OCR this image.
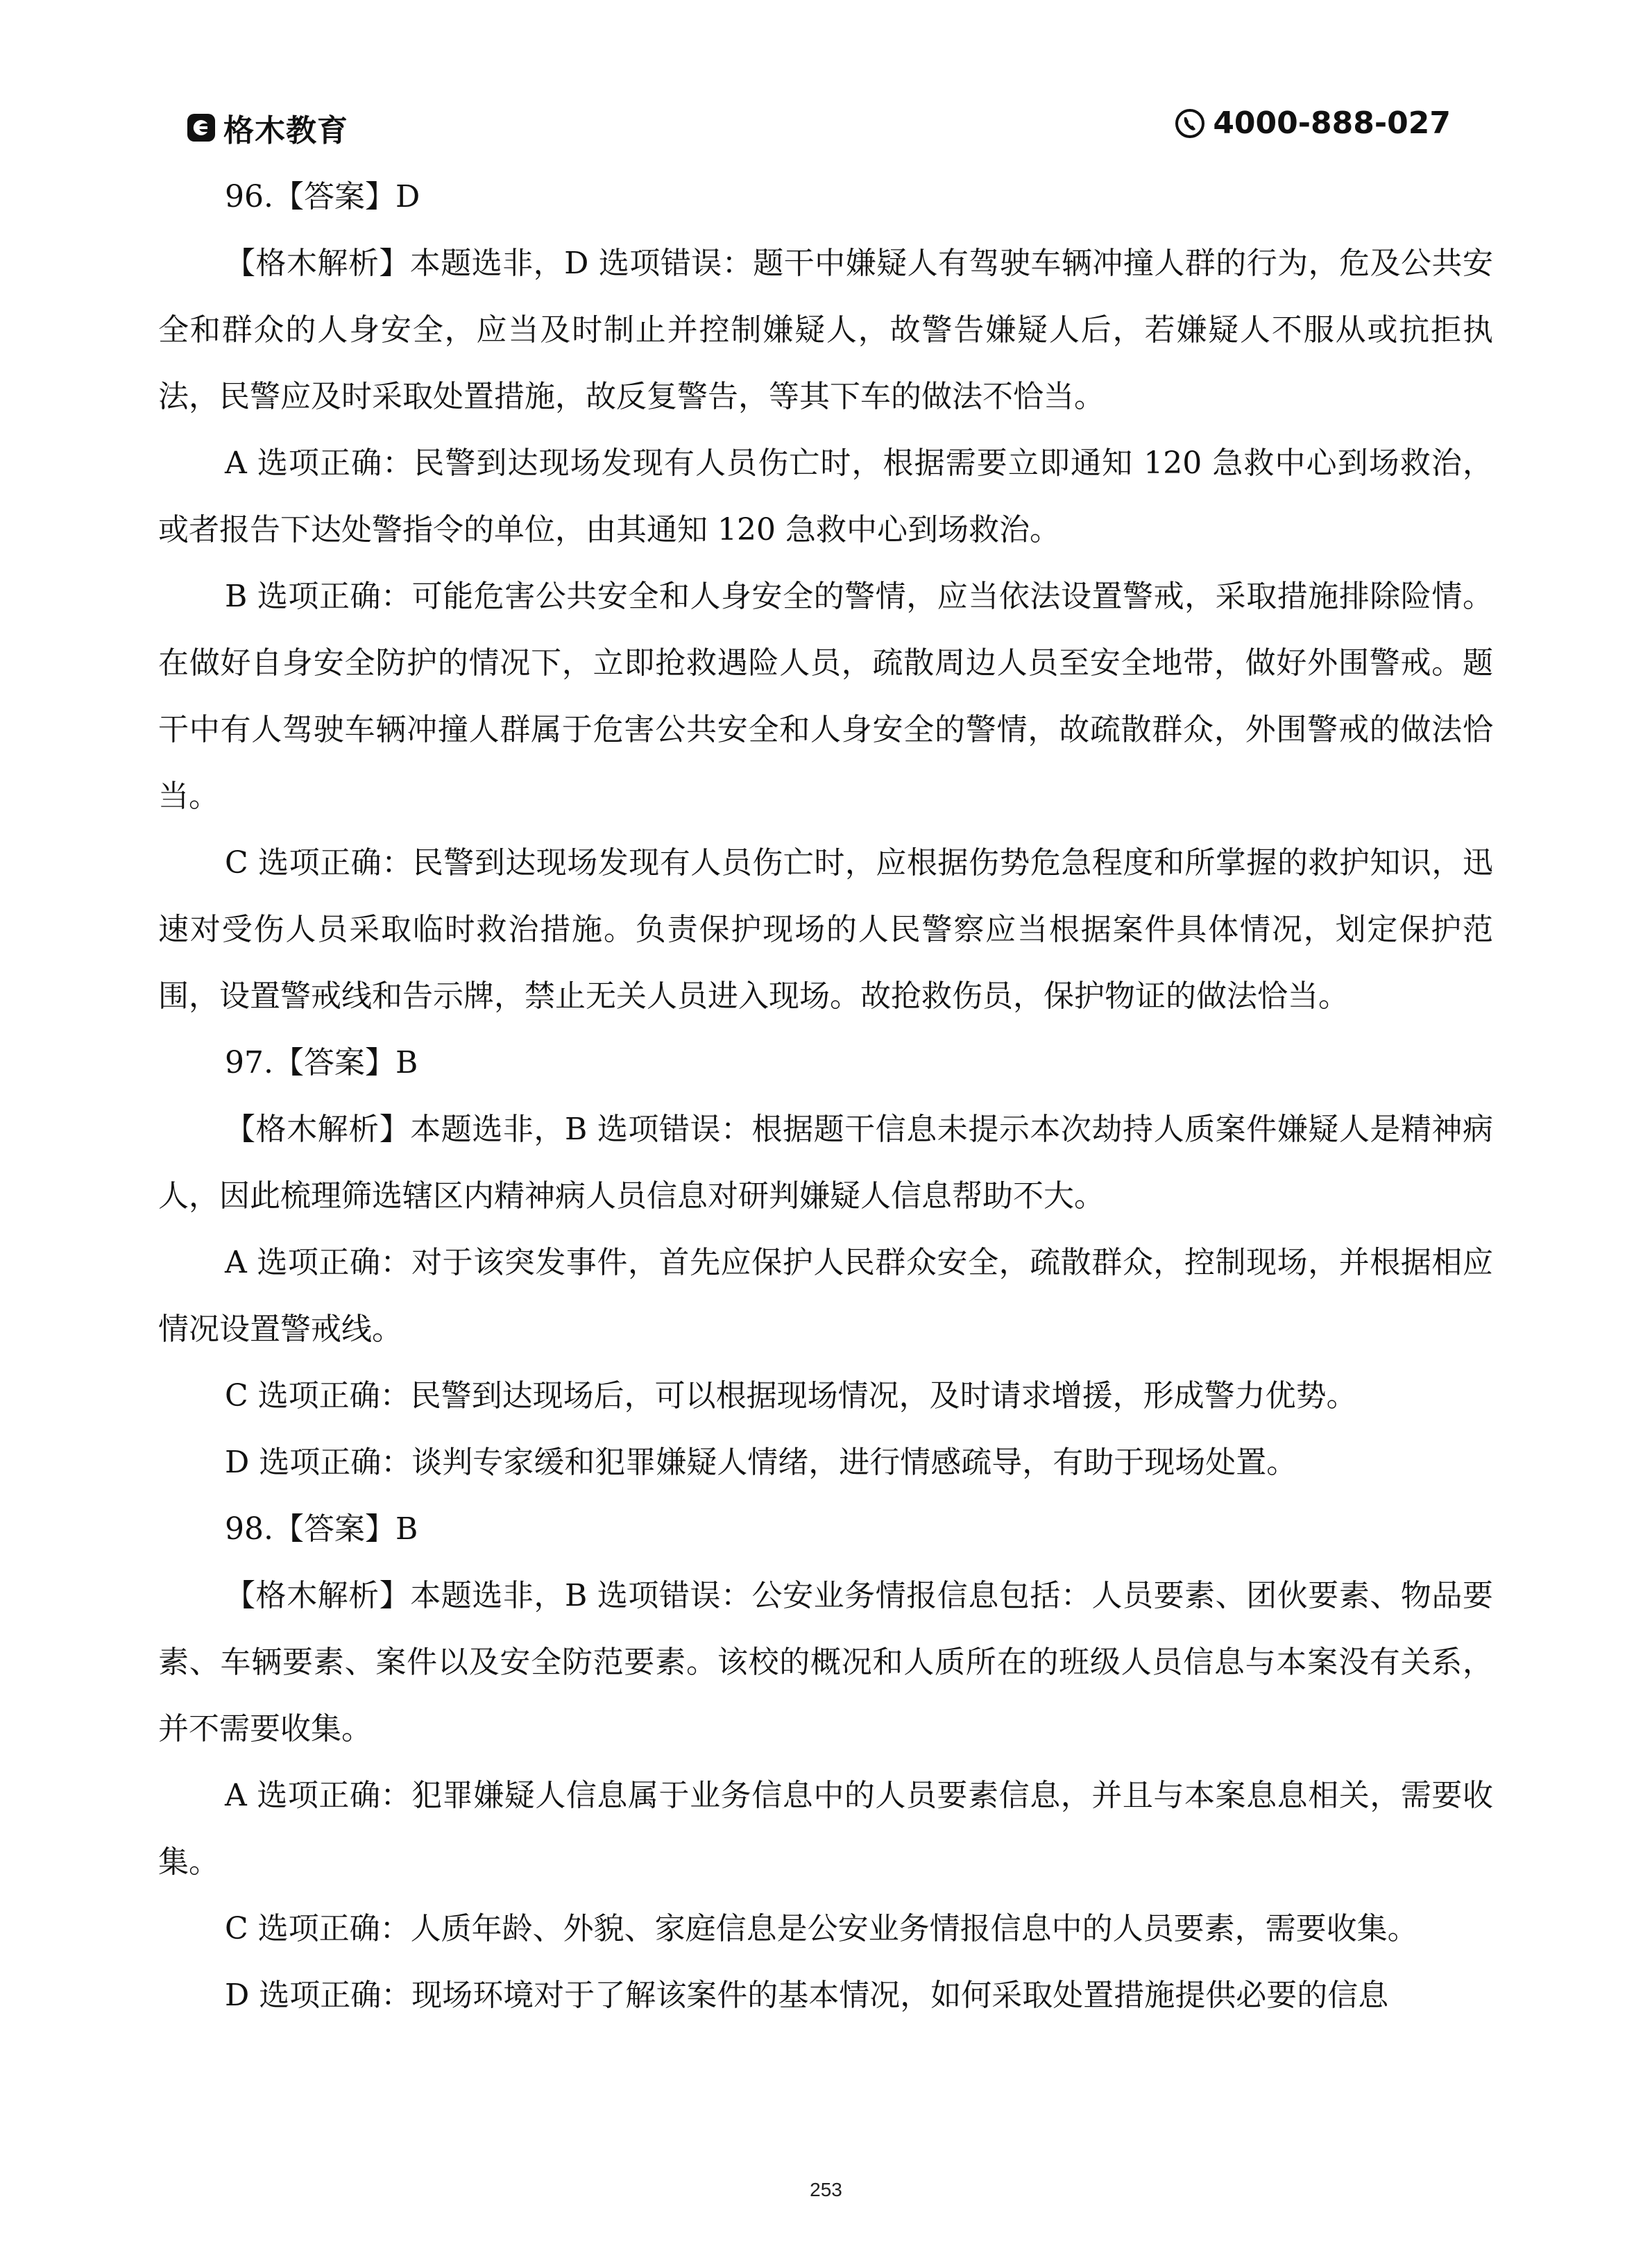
格木教育	4000-888-027

96.【答案】D

【格木解析】本题选非，D 选项错误：题干中嫌疑人有驾驶车辆冲撞人群的行为，危及公共安全和群众的人身安全，应当及时制止并控制嫌疑人，故警告嫌疑人后，若嫌疑人不服从或抗拒执法，民警应及时采取处置措施，故反复警告，等其下车的做法不恰当。

A 选项正确：民警到达现场发现有人员伤亡时，根据需要立即通知 120 急救中心到场救治，或者报告下达处警指令的单位，由其通知 120 急救中心到场救治。

B 选项正确：可能危害公共安全和人身安全的警情，应当依法设置警戒，采取措施排除险情。在做好自身安全防护的情况下，立即抢救遇险人员，疏散周边人员至安全地带，做好外围警戒。题干中有人驾驶车辆冲撞人群属于危害公共安全和人身安全的警情，故疏散群众，外围警戒的做法恰当。

C 选项正确：民警到达现场发现有人员伤亡时，应根据伤势危急程度和所掌握的救护知识，迅速对受伤人员采取临时救治措施。负责保护现场的人民警察应当根据案件具体情况，划定保护范围，设置警戒线和告示牌，禁止无关人员进入现场。故抢救伤员，保护物证的做法恰当。

97.【答案】B

【格木解析】本题选非，B 选项错误：根据题干信息未提示本次劫持人质案件嫌疑人是精神病人，因此梳理筛选辖区内精神病人员信息对研判嫌疑人信息帮助不大。

A 选项正确：对于该突发事件，首先应保护人民群众安全，疏散群众，控制现场，并根据相应情况设置警戒线。

C 选项正确：民警到达现场后，可以根据现场情况，及时请求增援，形成警力优势。

D 选项正确：谈判专家缓和犯罪嫌疑人情绪，进行情感疏导，有助于现场处置。

98.【答案】B

【格木解析】本题选非，B 选项错误：公安业务情报信息包括：人员要素、团伙要素、物品要素、车辆要素、案件以及安全防范要素。该校的概况和人质所在的班级人员信息与本案没有关系，并不需要收集。

A 选项正确：犯罪嫌疑人信息属于业务信息中的人员要素信息，并且与本案息息相关，需要收集。

C 选项正确：人质年龄、外貌、家庭信息是公安业务情报信息中的人员要素，需要收集。

D 选项正确：现场环境对于了解该案件的基本情况，如何采取处置措施提供必要的信息

253
